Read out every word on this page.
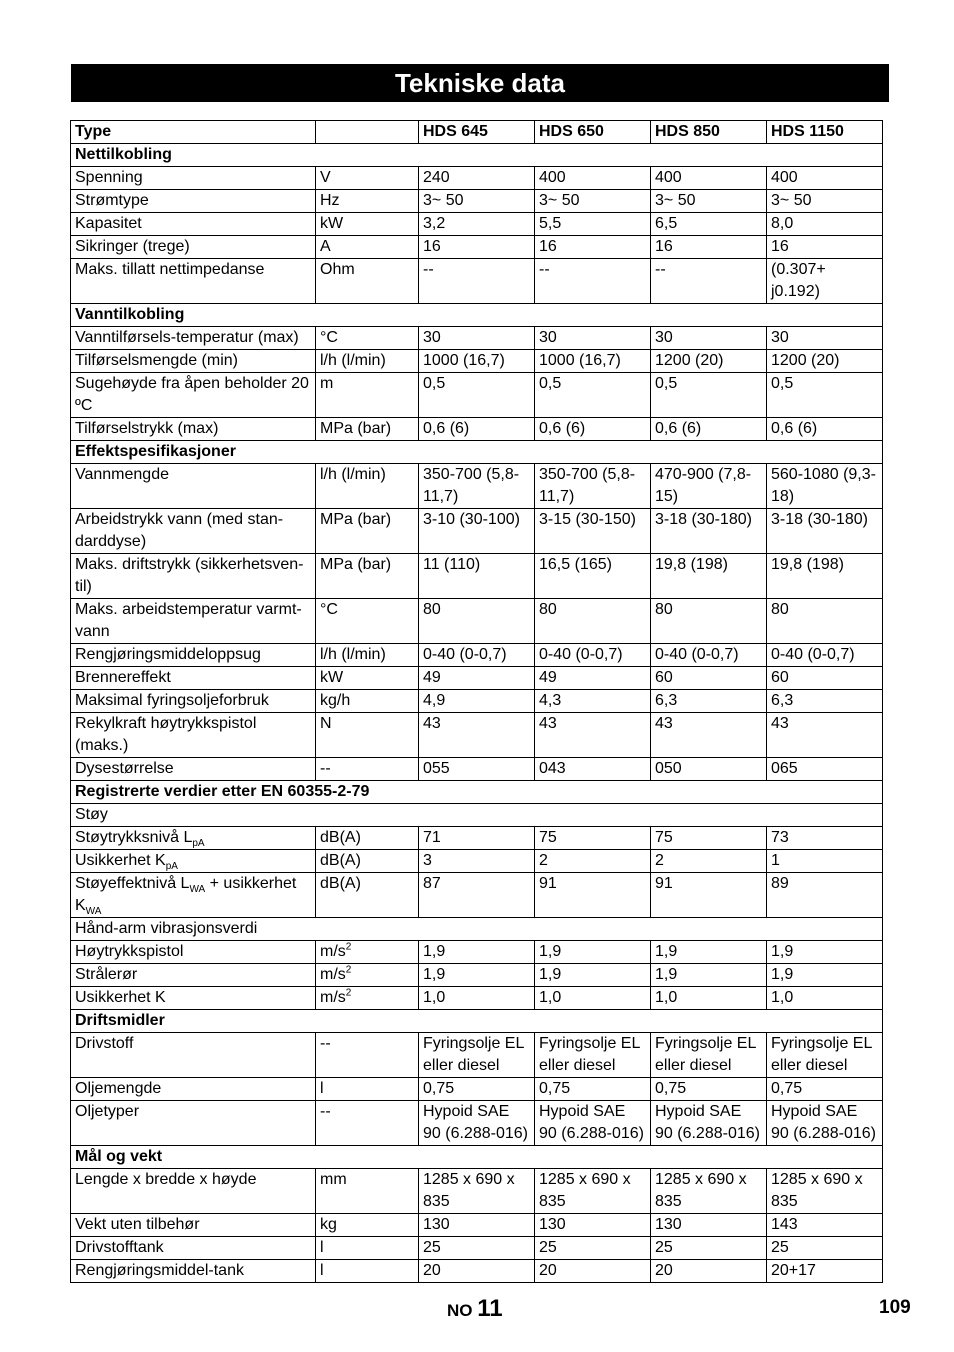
Tekniske data
Type		HDS 645	HDS 650	HDS 850	HDS 1150
Nettilkobling					
Spenning	V	240	400	400	400
Strømtype	Hz	3~ 50	3~ 50	3~ 50	3~ 50
Kapasitet	kW	3,2	5,5	6,5	8,0
Sikringer (trege)	A	16	16	16	16
Maks. tillatt nettimpedanse	Ohm	--	--	--	(0.307+ j0.192)
Vanntilkobling					
Vanntilførsels-temperatur (max)	°C	30	30	30	30
Tilførselsmengde (min)	l/h (l/min)	1000 (16,7)	1000 (16,7)	1200 (20)	1200 (20)
Sugehøyde fra åpen beholder 20 ºC	m	0,5	0,5	0,5	0,5
Tilførselstrykk (max)	MPa (bar)	0,6 (6)	0,6 (6)	0,6 (6)	0,6 (6)
Effektspesifikasjoner					
Vannmengde	l/h (l/min)	350-700 (5,8-11,7)	350-700 (5,8-11,7)	470-900 (7,8-15)	560-1080 (9,3-18)
Arbeidstrykk vann (med stan-darddyse)	MPa (bar)	3-10 (30-100)	3-15 (30-150)	3-18 (30-180)	3-18 (30-180)
Maks. driftstrykk (sikkerhetsven-til)	MPa (bar)	11 (110)	16,5 (165)	19,8 (198)	19,8 (198)
Maks. arbeidstemperatur varmt-vann	°C	80	80	80	80
Rengjøringsmiddeloppsug	l/h (l/min)	0-40 (0-0,7)	0-40 (0-0,7)	0-40 (0-0,7)	0-40 (0-0,7)
Brennereffekt	kW	49	49	60	60
Maksimal fyringsoljeforbruk	kg/h	4,9	4,3	6,3	6,3
Rekylkraft høytrykkspistol (maks.)	N	43	43	43	43
Dysestørrelse	--	055	043	050	065
Registrerte verdier etter EN 60355-2-79					
Støy					
Støytrykksnivå $L_{pA}$	dB(A)	71	75	75	73
Usikkerhet $K_{pA}$	dB(A)	3	2	2	1
Støyeffektnivå $L_{WA}$ + usikkerhet $K_{WA}$	dB(A)	87	91	91	89
Hånd-arm vibrasjonsverdi					
Høytrykkspistol	$m/s^2$	1,9	1,9	1,9	1,9
Strålerør	$m/s^2$	1,9	1,9	1,9	1,9
Usikkerhet K	$m/s^2$	1,0	1,0	1,0	1,0
Driftsmidler					
Drivstoff	--	Fyringsolje EL eller diesel	Fyringsolje EL eller diesel	Fyringsolje EL eller diesel	Fyringsolje EL eller diesel
Oljemengde	l	0,75	0,75	0,75	0,75
Oljetyper	--	Hypoid SAE 90 (6.288-016)	Hypoid SAE 90 (6.288-016)	Hypoid SAE 90 (6.288-016)	Hypoid SAE 90 (6.288-016)
Mål og vekt					
Lengde x bredde x høyde	mm	1285 x 690 x 835	1285 x 690 x 835	1285 x 690 x 835	1285 x 690 x 835
Vekt uten tilbehør	kg	130	130	130	143
Drivstofftank	l	25	25	25	25
Rengjøringsmiddel-tank	l	20	20	20	20+17
NO 11	109
